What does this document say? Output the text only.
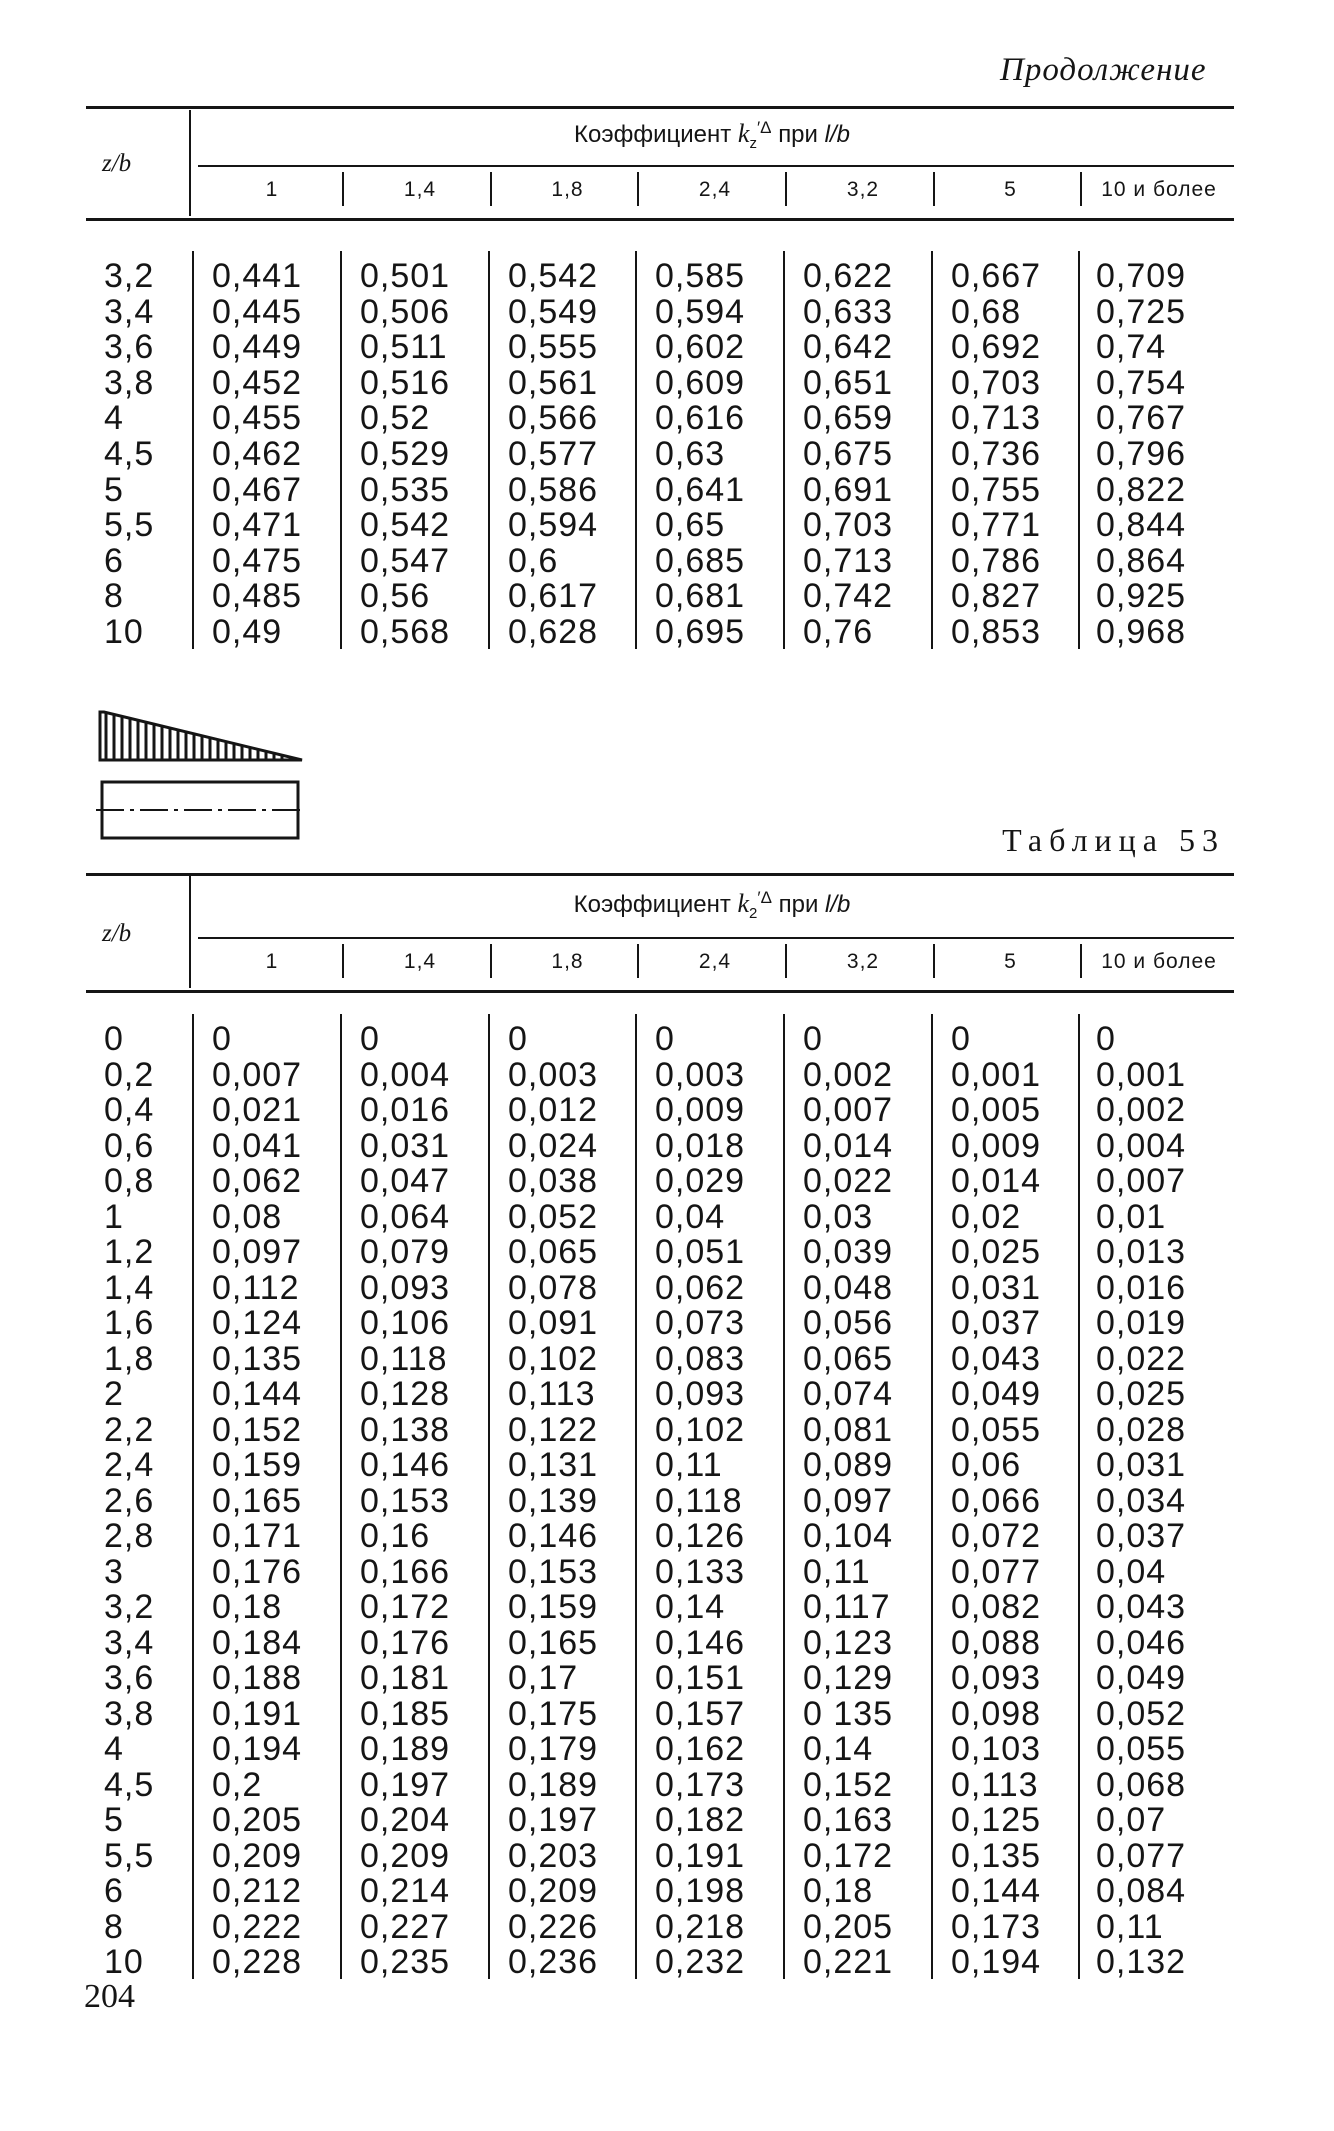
Продолжение
z/b
Коэффициент $k_z^{'\Delta}$ при l/b
1	1,4	1,8	2,4	3,2	5	10 и более
3,2 0,441 0,501 0,542 0,585 0,622 0,667 0,709
3,4 0,445 0,506 0,549 0,594 0,633 0,68 0,725
3,6 0,449 0,511 0,555 0,602 0,642 0,692 0,74
3,8 0,452 0,516 0,561 0,609 0,651 0,703 0,754
4	0,455 0,52 0,566 0,616 0,659 0,713 0,767
4,5 0,462 0,529 0,577 0,63 0,675 0,736 0,796
5	0,467 0,535 0,586 0,641 0,691 0,755 0,822
5,5 0,471 0,542 0,594 0,65 0,703 0,771 0,844
6	0,475 0,547 0,6	0,685 0,713 0,786 0,864
8	0,485 0,56 0,617 0,681 0,742 0,827 0,925
10 0,49 0,568 0,628 0,695 0,76 0,853 0,968
Таблица 53
z/b
Коэффициент $k_2^{'\Delta}$ при l/b
1	1,4	1,8	2,4	3,2	5	10 и более
0	0	0	0	0	0	0	0
0,2 0,007 0,004 0,003 0,003 0,002 0,001 0,001
0,4 0,021 0,016 0,012 0,009 0,007 0,005 0,002
0,6 0,041 0,031 0,024 0,018 0,014 0,009 0,004
0,8 0,062 0,047 0,038 0,029 0,022 0,014 0,007
1	0,08 0,064 0,052 0,04 0,03 0,02 0,01
1,2 0,097 0,079 0,065 0,051 0,039 0,025 0,013
1,4 0,112 0,093 0,078 0,062 0,048 0,031 0,016
1,6 0,124 0,106 0,091 0,073 0,056 0,037 0,019
1,8 0,135 0,118 0,102 0,083 0,065 0,043 0,022
2	0,144 0,128 0,113 0,093 0,074 0,049 0,025
2,2 0,152 0,138 0,122 0,102 0,081 0,055 0,028
2,4 0,159 0,146 0,131 0,11 0,089 0,06 0,031
2,6 0,165 0,153 0,139 0,118 0,097 0,066 0,034
2,8 0,171 0,16 0,146 0,126 0,104 0,072 0,037
3	0,176 0,166 0,153 0,133 0,11 0,077 0,04
3,2 0,18 0,172 0,159 0,14 0,117 0,082 0,043
3,4 0,184 0,176 0,165 0,146 0,123 0,088 0,046
3,6 0,188 0,181 0,17 0,151 0,129 0,093 0,049
3,8 0,191 0,185 0,175 0,157 0 135 0,098 0,052
4	0,194 0,189 0,179 0,162 0,14 0,103 0,055
4,5 0,2	0,197 0,189 0,173 0,152 0,113 0,068
5	0,205 0,204 0,197 0,182 0,163 0,125 0,07
5,5 0,209 0,209 0,203 0,191 0,172 0,135 0,077
6	0,212 0,214 0,209 0,198 0,18 0,144 0,084
8	0,222 0,227 0,226 0,218 0,205 0,173 0,11
10 0,228 0,235 0,236 0,232 0,221 0,194 0,132
204
